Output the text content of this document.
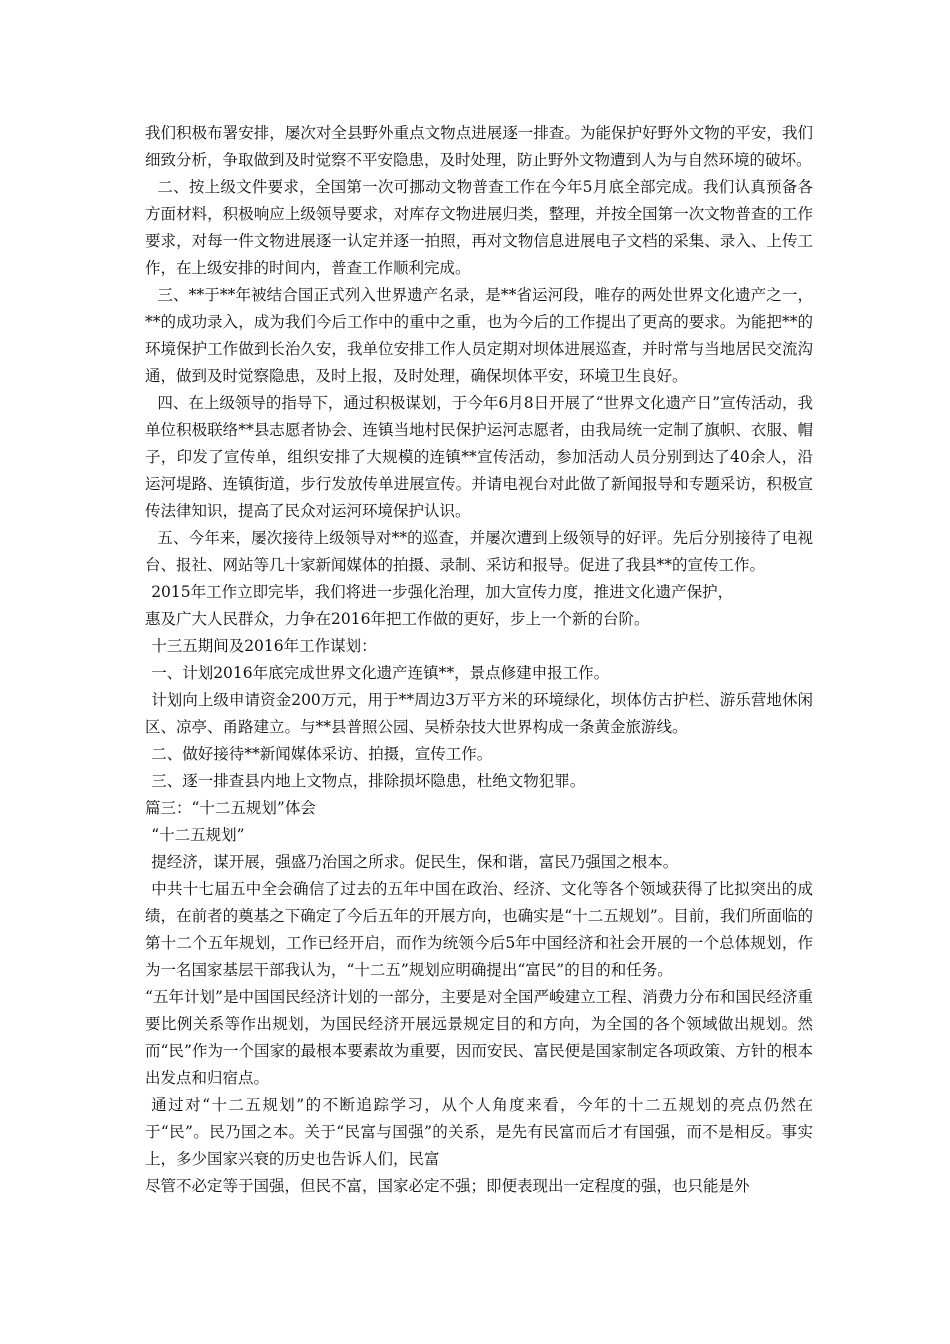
我们积极布署安排，屡次对全县野外重点文物点进展逐一排查。为能保护好野外文物的平安，我们细致分析，争取做到及时觉察不平安隐患，及时处理，防止野外文物遭到人为与自然环境的破坏。

二、按上级文件要求，全国第一次可挪动文物普查工作在今年5月底全部完成。我们认真预备各方面材料，积极响应上级领导要求，对库存文物进展归类，整理，并按全国第一次文物普查的工作要求，对每一件文物进展逐一认定并逐一拍照，再对文物信息进展电子文档的采集、录入、上传工作，在上级安排的时间内，普查工作顺利完成。

三、**于**年被结合国正式列入世界遗产名录，是**省运河段，唯存的两处世界文化遗产之一，**的成功录入，成为我们今后工作中的重中之重，也为今后的工作提出了更高的要求。为能把**的环境保护工作做到长治久安，我单位安排工作人员定期对坝体进展巡查，并时常与当地居民交流沟通，做到及时觉察隐患，及时上报，及时处理，确保坝体平安，环境卫生良好。

四、在上级领导的指导下，通过积极谋划，于今年6月8日开展了“世界文化遗产日”宣传活动，我单位积极联络**县志愿者协会、连镇当地村民保护运河志愿者，由我局统一定制了旗帜、衣服、帽子，印发了宣传单，组织安排了大规模的连镇**宣传活动，参加活动人员分别到达了40余人，沿运河堤路、连镇街道，步行发放传单进展宣传。并请电视台对此做了新闻报导和专题采访，积极宣传法律知识，提高了民众对运河环境保护认识。

五、今年来，屡次接待上级领导对**的巡查，并屡次遭到上级领导的好评。先后分别接待了电视台、报社、网站等几十家新闻媒体的拍摄、录制、采访和报导。促进了我县**的宣传工作。

2015年工作立即完毕，我们将进一步强化治理，加大宣传力度，推进文化遗产保护，

惠及广大人民群众，力争在2016年把工作做的更好，步上一个新的台阶。

十三五期间及2016年工作谋划：

一、计划2016年底完成世界文化遗产连镇**，景点修建申报工作。

计划向上级申请资金200万元，用于**周边3万平方米的环境绿化，坝体仿古护栏、游乐营地休闲区、凉亭、甬路建立。与**县普照公园、吴桥杂技大世界构成一条黄金旅游线。

二、做好接待**新闻媒体采访、拍摄，宣传工作。

三、逐一排查县内地上文物点，排除损坏隐患，杜绝文物犯罪。

篇三：“十二五规划”体会

“十二五规划”

提经济，谋开展，强盛乃治国之所求。促民生，保和谐，富民乃强国之根本。

中共十七届五中全会确信了过去的五年中国在政治、经济、文化等各个领域获得了比拟突出的成绩，在前者的奠基之下确定了今后五年的开展方向，也确实是“十二五规划”。目前，我们所面临的第十二个五年规划，工作已经开启，而作为统领今后5年中国经济和社会开展的一个总体规划，作为一名国家基层干部我认为，“十二五”规划应明确提出“富民”的目的和任务。

“五年计划”是中国国民经济计划的一部分，主要是对全国严峻建立工程、消费力分布和国民经济重要比例关系等作出规划，为国民经济开展远景规定目的和方向，为全国的各个领域做出规划。然而“民”作为一个国家的最根本要素故为重要，因而安民、富民便是国家制定各项政策、方针的根本出发点和归宿点。

通过对“十二五规划”的不断追踪学习，从个人角度来看，今年的十二五规划的亮点仍然在于“民”。民乃国之本。关于“民富与国强”的关系，是先有民富而后才有国强，而不是相反。事实上，多少国家兴衰的历史也告诉人们，民富

尽管不必定等于国强，但民不富，国家必定不强；即便表现出一定程度的强，也只能是外
